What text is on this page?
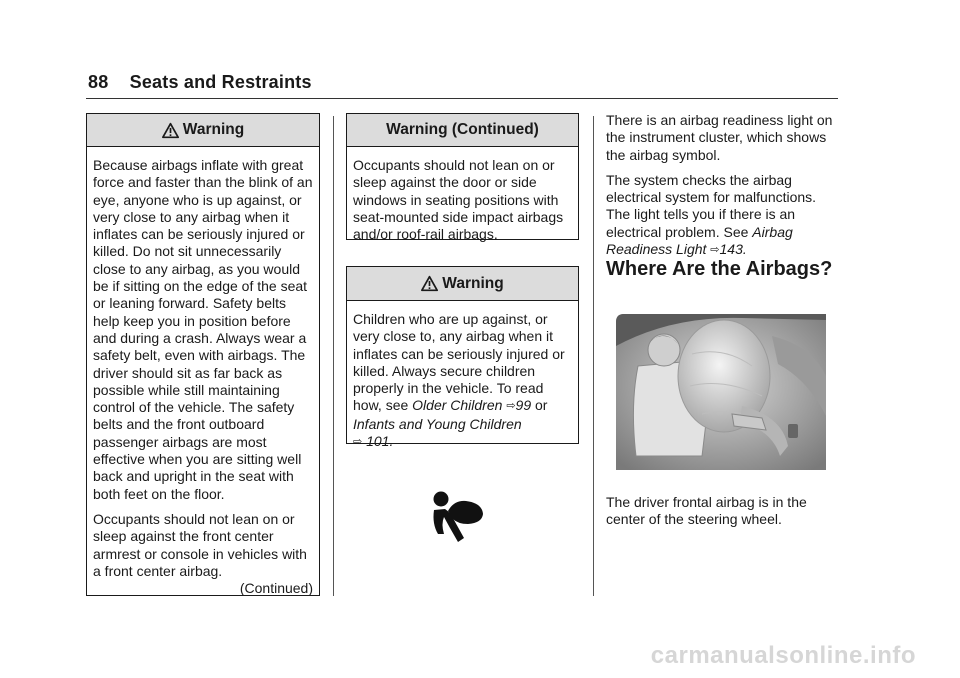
88 Seats and Restraints
Warning

Because airbags inflate with great force and faster than the blink of an eye, anyone who is up against, or very close to any airbag when it inflates can be seriously injured or killed. Do not sit unnecessarily close to any airbag, as you would be if sitting on the edge of the seat or leaning forward. Safety belts help keep you in position before and during a crash. Always wear a safety belt, even with airbags. The driver should sit as far back as possible while still maintaining control of the vehicle. The safety belts and the front outboard passenger airbags are most effective when you are sitting well back and upright in the seat with both feet on the floor.

Occupants should not lean on or sleep against the front center armrest or console in vehicles with a front center airbag.

(Continued)
Warning (Continued)

Occupants should not lean on or sleep against the door or side windows in seating positions with seat-mounted side impact airbags and/or roof-rail airbags.

Warning
Children who are up against, or very close to, any airbag when it inflates can be seriously injured or killed. Always secure children properly in the vehicle. To read how, see Older Children ⇨99 or Infants and Young Children
⇨ 101.

There is an airbag readiness light on the instrument cluster, which shows the airbag symbol.

The system checks the airbag electrical system for malfunctions. The light tells you if there is an electrical problem. See Airbag Readiness Light ⇨143.

Where Are the Airbags?
The driver frontal airbag is in the center of the steering wheel.
carmanualsonline.info
